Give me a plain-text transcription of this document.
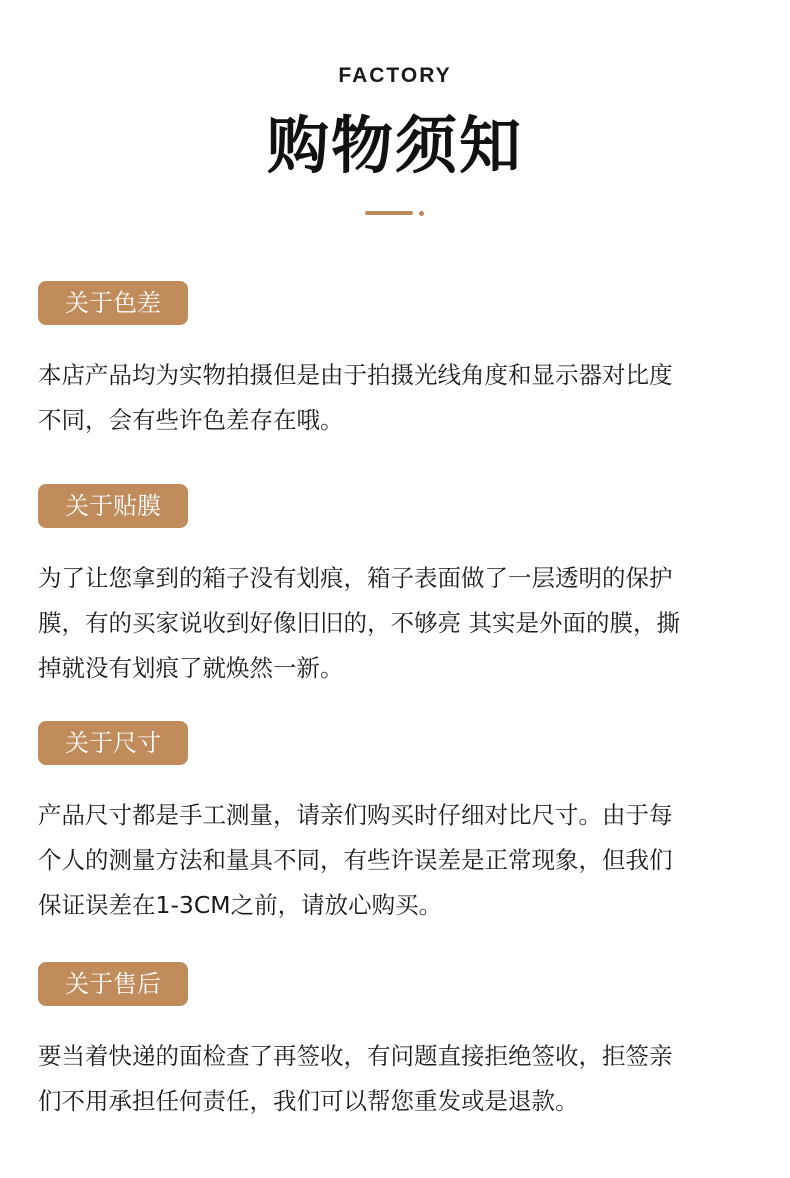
FACTORY
购物须知
关于色差
本店产品均为实物拍摄但是由于拍摄光线角度和显示器对比度
不同，会有些许色差存在哦。
关于贴膜
为了让您拿到的箱子没有划痕，箱子表面做了一层透明的保护
膜，有的买家说收到好像旧旧的，不够亮 其实是外面的膜，撕
掉就没有划痕了就焕然一新。
关于尺寸
产品尺寸都是手工测量，请亲们购买时仔细对比尺寸。由于每
个人的测量方法和量具不同，有些许误差是正常现象，但我们
保证误差在1-3CM之前，请放心购买。
关于售后
要当着快递的面检查了再签收，有问题直接拒绝签收，拒签亲
们不用承担任何责任，我们可以帮您重发或是退款。
